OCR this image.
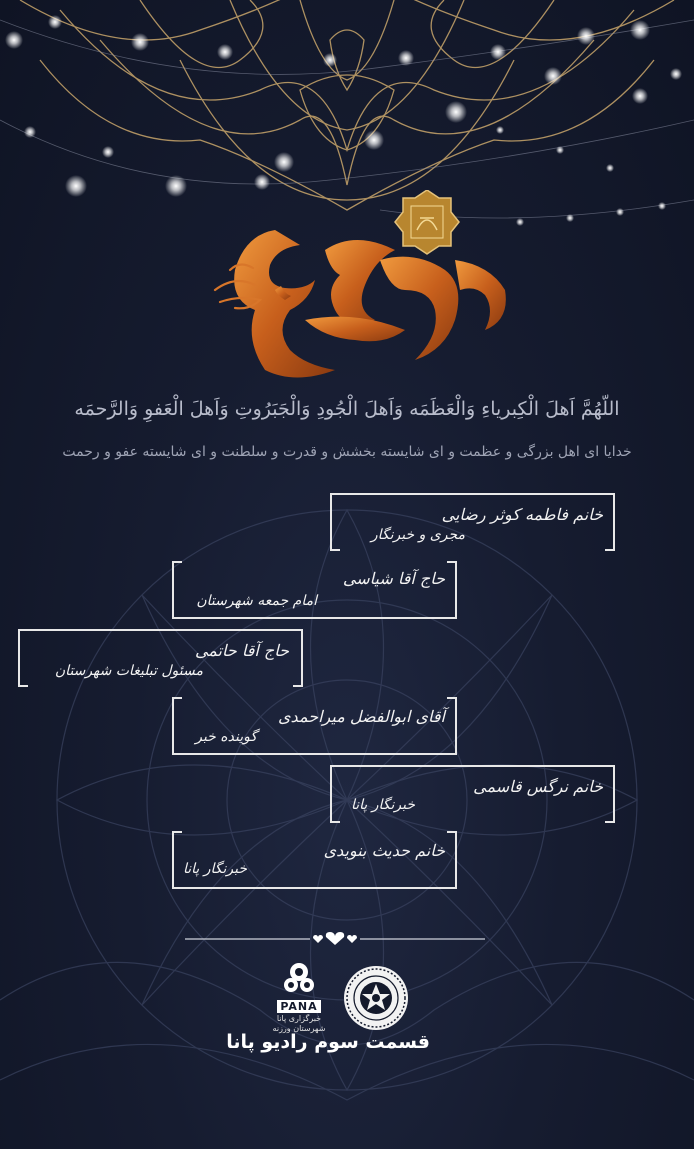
اللّهُمَّ اَهلَ الْكِبرياءِ وَالْعَظَمَه وَاَهلَ الْجُودِ وَالْجَبَرُوتِ وَاَهلَ الْعَفوِ وَالرَّحمَه
خدایا ای اهل بزرگی و عظمت و ای شایسته بخشش و قدرت و سلطنت و ای شایسته عفو و رحمت
خانم فاطمه کوثر رضایی
مجری و خبرنگار
حاج آقا شیاسی
امام جمعه شهرستان
حاج آقا حاتمی
مسئول تبلیغات شهرستان
آقای ابوالفضل میراحمدی
گوینده خبر
خانم نرگس قاسمی
خبرنگار پانا
خانم حدیث بنویدی
خبرنگار پانا
PANA
خبرگزاری پانا
شهرستان ورزنه
قسمت سوم رادیو پانا
